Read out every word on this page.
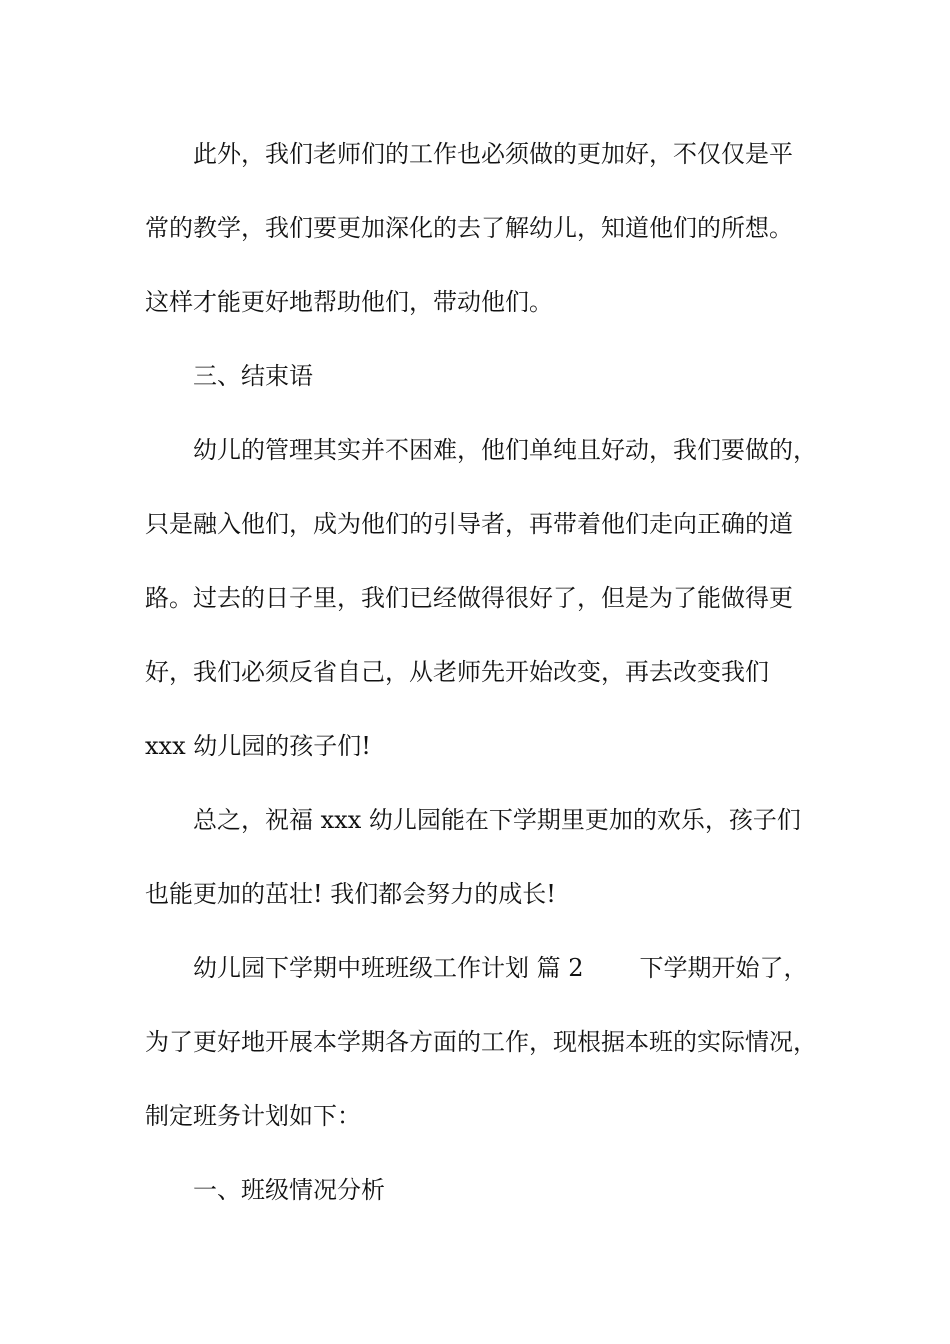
此外，我们老师们的工作也必须做的更加好，不仅仅是平
常的教学，我们要更加深化的去了解幼儿，知道他们的所想。
这样才能更好地帮助他们，带动他们。
三、结束语
幼儿的管理其实并不困难，他们单纯且好动，我们要做的，
只是融入他们，成为他们的引导者，再带着他们走向正确的道
路。过去的日子里，我们已经做得很好了，但是为了能做得更
好，我们必须反省自己，从老师先开始改变，再去改变我们
xxx 幼儿园的孩子们!
总之，祝福 xxx 幼儿园能在下学期里更加的欢乐，孩子们
也能更加的茁壮! 我们都会努力的成长!
幼儿园下学期中班班级工作计划 篇 2 下学期开始了，
为了更好地开展本学期各方面的工作，现根据本班的实际情况，
制定班务计划如下：
一、班级情况分析
